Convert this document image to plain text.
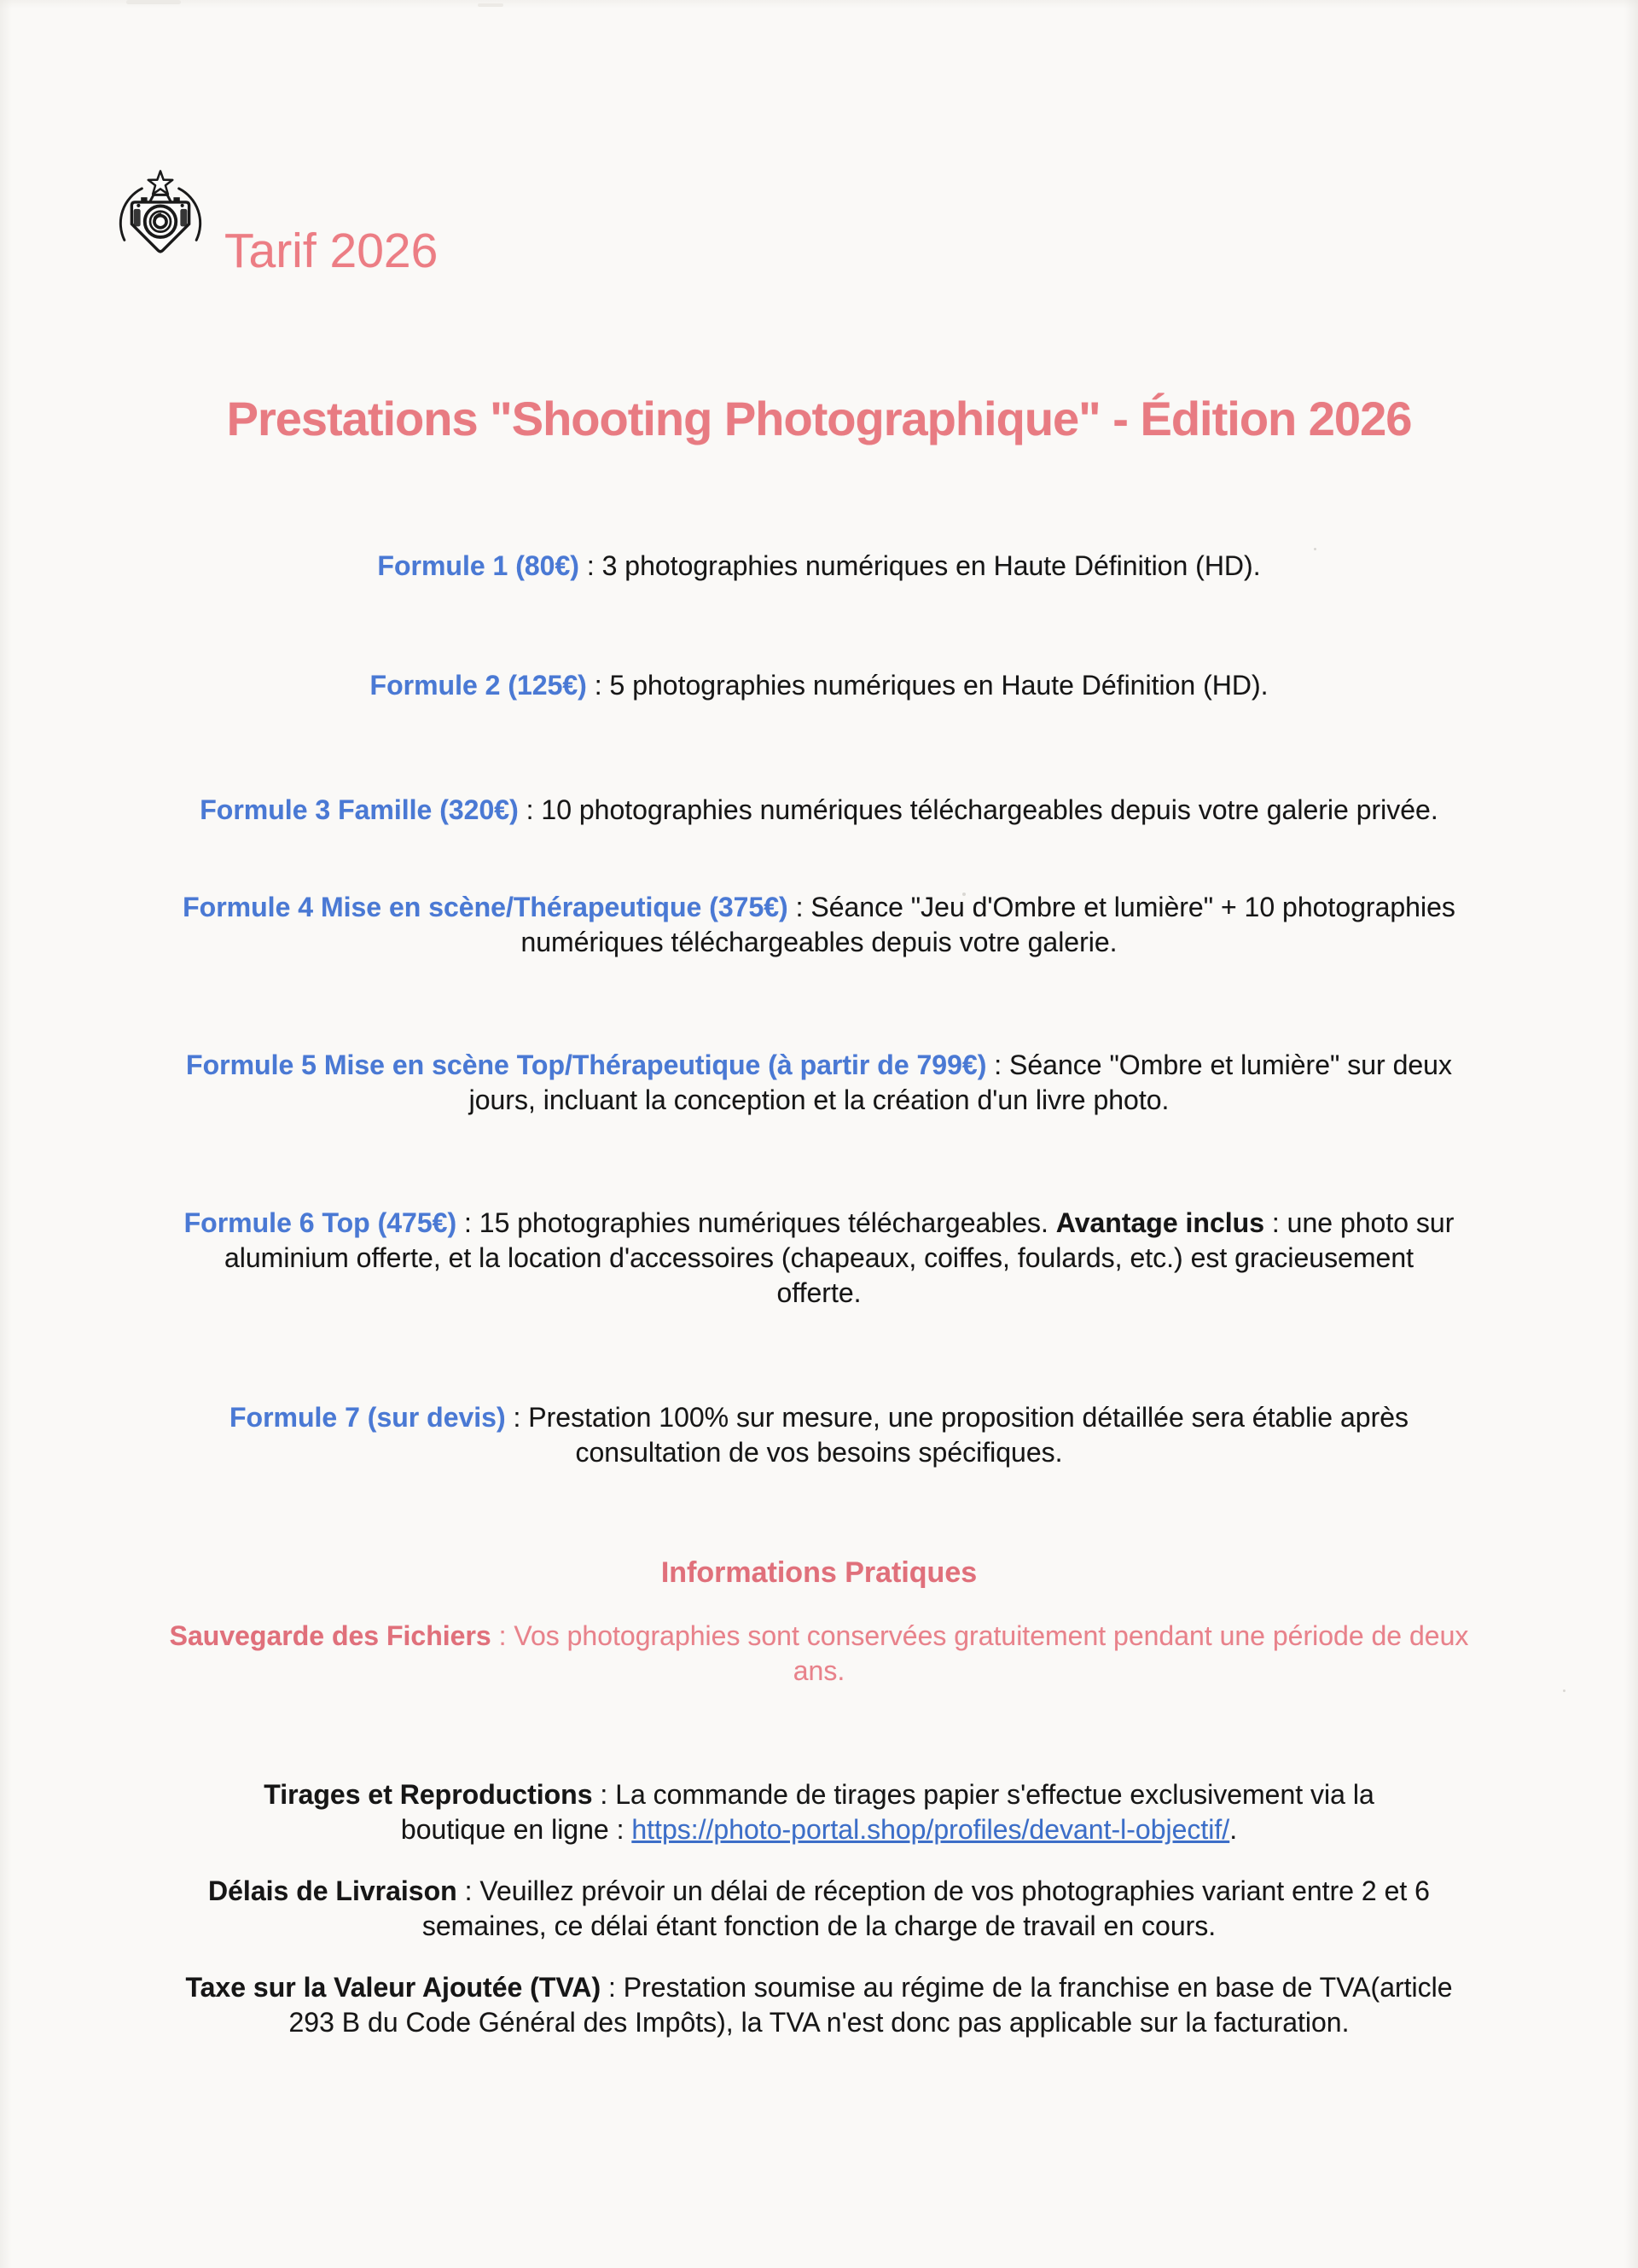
Tarif 2026

Prestations "Shooting Photographique" - Édition 2026

Formule 1 (80€) : 3 photographies numériques en Haute Définition (HD).

Formule 2 (125€) : 5 photographies numériques en Haute Définition (HD).

Formule 3 Famille (320€) : 10 photographies numériques téléchargeables depuis votre galerie privée.

Formule 4 Mise en scène/Thérapeutique (375€) : Séance "Jeu d'Ombre et lumière" + 10 photographies numériques téléchargeables depuis votre galerie.

Formule 5 Mise en scène Top/Thérapeutique (à partir de 799€) : Séance "Ombre et lumière" sur deux jours, incluant la conception et la création d'un livre photo.

Formule 6 Top (475€) : 15 photographies numériques téléchargeables. Avantage inclus : une photo sur aluminium offerte, et la location d'accessoires (chapeaux, coiffes, foulards, etc.) est gracieusement offerte.

Formule 7 (sur devis) : Prestation 100% sur mesure, une proposition détaillée sera établie après consultation de vos besoins spécifiques.

Informations Pratiques

Sauvegarde des Fichiers : Vos photographies sont conservées gratuitement pendant une période de deux ans.

Tirages et Reproductions : La commande de tirages papier s'effectue exclusivement via la boutique en ligne : https://photo-portal.shop/profiles/devant-l-objectif/.

Délais de Livraison : Veuillez prévoir un délai de réception de vos photographies variant entre 2 et 6 semaines, ce délai étant fonction de la charge de travail en cours.

Taxe sur la Valeur Ajoutée (TVA) : Prestation soumise au régime de la franchise en base de TVA(article 293 B du Code Général des Impôts), la TVA n'est donc pas applicable sur la facturation.
